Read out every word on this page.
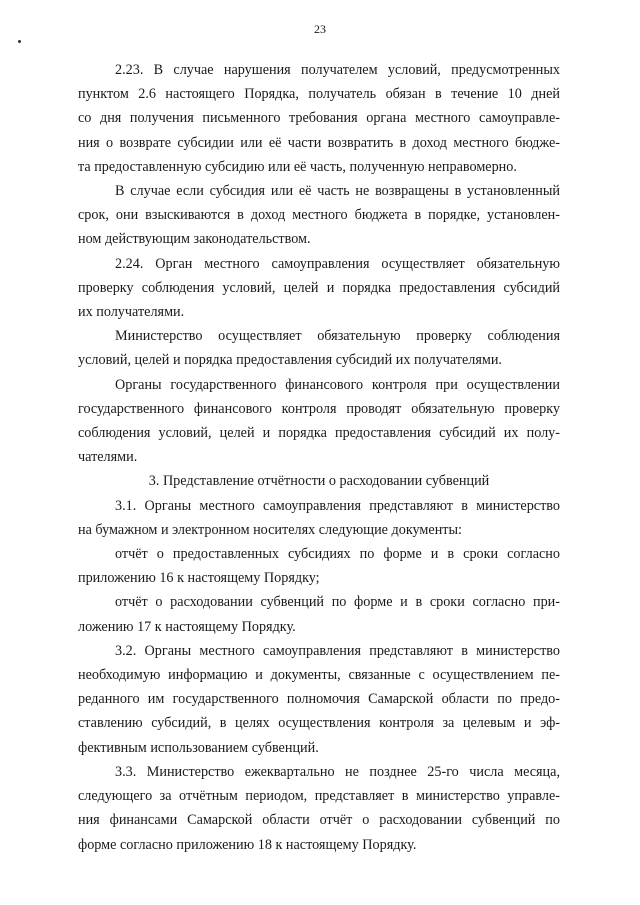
23
2.23. В случае нарушения получателем условий, предусмотренных
пунктом 2.6 настоящего Порядка, получатель обязан в течение 10 дней
со дня получения письменного требования органа местного самоуправле-
ния о возврате субсидии или её части возвратить в доход местного бюдже-
та предоставленную субсидию или её часть, полученную неправомерно.
В случае если субсидия или её часть не возвращены в установленный
срок, они взыскиваются в доход местного бюджета в порядке, установлен-
ном действующим законодательством.
2.24. Орган местного самоуправления осуществляет обязательную
проверку соблюдения условий, целей и порядка предоставления субсидий
их получателями.
Министерство осуществляет обязательную проверку соблюдения
условий, целей и порядка предоставления субсидий их получателями.
Органы государственного финансового контроля при осуществлении
государственного финансового контроля проводят обязательную проверку
соблюдения условий, целей и порядка предоставления субсидий их полу-
чателями.
3. Представление отчётности о расходовании субвенций
3.1. Органы местного самоуправления представляют в министерство
на бумажном и электронном носителях следующие документы:
отчёт о предоставленных субсидиях по форме и в сроки согласно
приложению 16 к настоящему Порядку;
отчёт о расходовании субвенций по форме и в сроки согласно при-
ложению 17 к настоящему Порядку.
3.2. Органы местного самоуправления представляют в министерство
необходимую информацию и документы, связанные с осуществлением пе-
реданного им государственного полномочия Самарской области по предо-
ставлению субсидий, в целях осуществления контроля за целевым и эф-
фективным использованием субвенций.
3.3. Министерство ежеквартально не позднее 25-го числа месяца,
следующего за отчётным периодом, представляет в министерство управле-
ния финансами Самарской области отчёт о расходовании субвенций по
форме согласно приложению 18 к настоящему Порядку.
